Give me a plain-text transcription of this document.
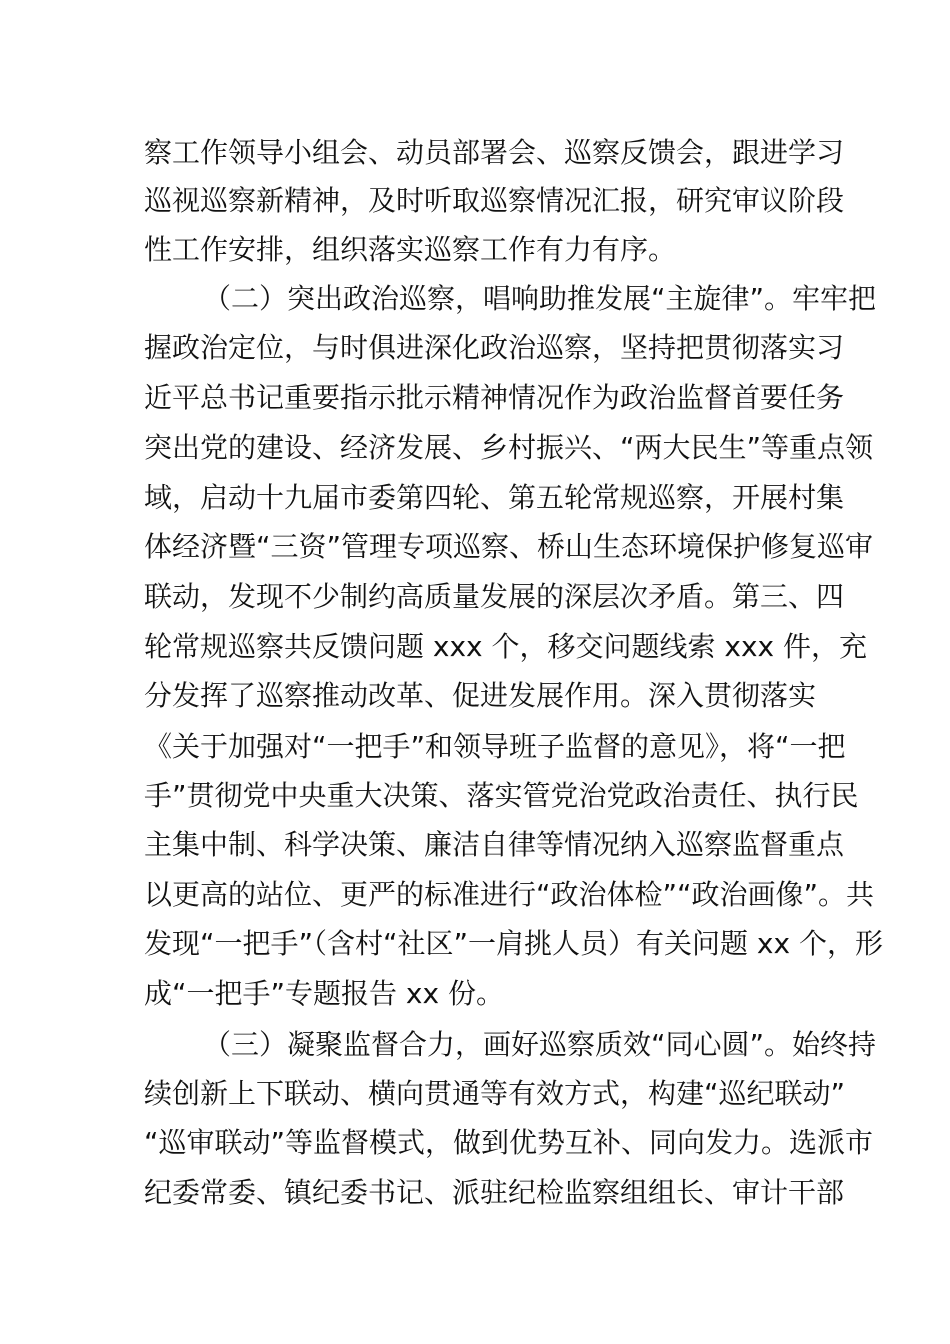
察工作领导小组会、动员部署会、巡察反馈会，跟进学习
巡视巡察新精神，及时听取巡察情况汇报，研究审议阶段
性工作安排，组织落实巡察工作有力有序。
（二）突出政治巡察，唱响助推发展“主旋律”。牢牢把
握政治定位，与时俱进深化政治巡察，坚持把贯彻落实习
近平总书记重要指示批示精神情况作为政治监督首要任务
突出党的建设、经济发展、乡村振兴、“两大民生”等重点领
域，启动十九届市委第四轮、第五轮常规巡察，开展村集
体经济暨“三资”管理专项巡察、桥山生态环境保护修复巡审
联动，发现不少制约高质量发展的深层次矛盾。第三、四
轮常规巡察共反馈问题 xxx 个，移交问题线索 xxx 件，充
分发挥了巡察推动改革、促进发展作用。深入贯彻落实
《关于加强对“一把手”和领导班子监督的意见》，将“一把
手”贯彻党中央重大决策、落实管党治党政治责任、执行民
主集中制、科学决策、廉洁自律等情况纳入巡察监督重点
以更高的站位、更严的标准进行“政治体检”“政治画像”。共
发现“一把手”（含村“社区”一肩挑人员）有关问题 xx 个，形
成“一把手”专题报告 xx 份。
（三）凝聚监督合力，画好巡察质效“同心圆”。始终持
续创新上下联动、横向贯通等有效方式，构建“巡纪联动”
“巡审联动”等监督模式，做到优势互补、同向发力。选派市
纪委常委、镇纪委书记、派驻纪检监察组组长、审计干部
